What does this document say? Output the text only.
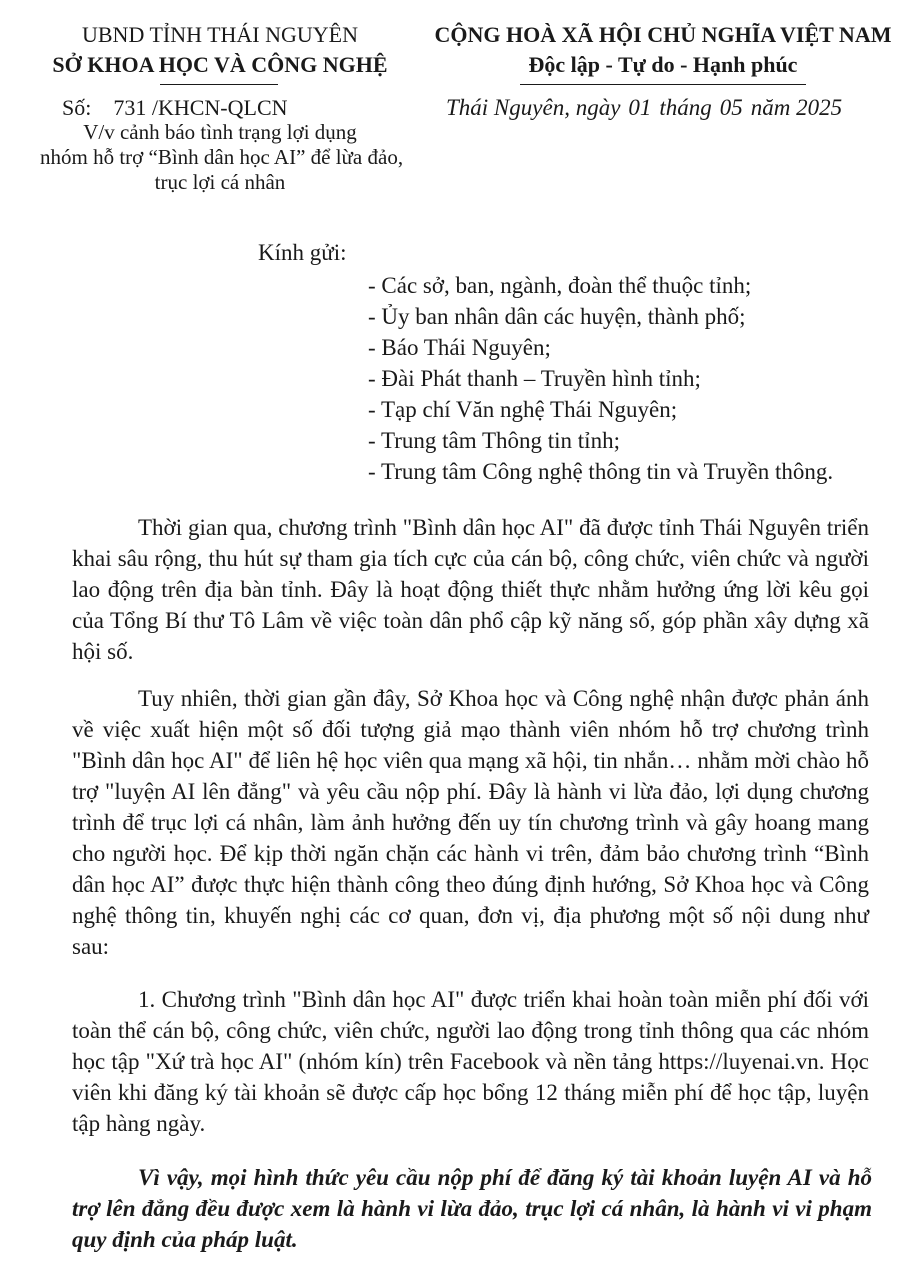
UBND TỈNH THÁI NGUYÊN
SỞ KHOA HỌC VÀ CÔNG NGHỆ
CỘNG HOÀ XÃ HỘI CHỦ NGHĨA VIỆT NAM
Độc lập - Tự do - Hạnh phúc
Số: 731 /KHCN-QLCN	Thái Nguyên, ngày 01 tháng 05 năm 2025
V/v cảnh báo tình trạng lợi dụng
nhóm hỗ trợ “Bình dân học AI” để lừa đảo,
trục lợi cá nhân
Kính gửi:
- Các sở, ban, ngành, đoàn thể thuộc tỉnh;
- Ủy ban nhân dân các huyện, thành phố;
- Báo Thái Nguyên;
- Đài Phát thanh – Truyền hình tỉnh;
- Tạp chí Văn nghệ Thái Nguyên;
- Trung tâm Thông tin tỉnh;
- Trung tâm Công nghệ thông tin và Truyền thông.
Thời gian qua, chương trình "Bình dân học AI" đã được tỉnh Thái Nguyên triển khai sâu rộng, thu hút sự tham gia tích cực của cán bộ, công chức, viên chức và người lao động trên địa bàn tỉnh. Đây là hoạt động thiết thực nhằm hưởng ứng lời kêu gọi của Tổng Bí thư Tô Lâm về việc toàn dân phổ cập kỹ năng số, góp phần xây dựng xã hội số.
Tuy nhiên, thời gian gần đây, Sở Khoa học và Công nghệ nhận được phản ánh về việc xuất hiện một số đối tượng giả mạo thành viên nhóm hỗ trợ chương trình "Bình dân học AI" để liên hệ học viên qua mạng xã hội, tin nhắn… nhằm mời chào hỗ trợ "luyện AI lên đẳng" và yêu cầu nộp phí. Đây là hành vi lừa đảo, lợi dụng chương trình để trục lợi cá nhân, làm ảnh hưởng đến uy tín chương trình và gây hoang mang cho người học. Để kịp thời ngăn chặn các hành vi trên, đảm bảo chương trình “Bình dân học AI” được thực hiện thành công theo đúng định hướng, Sở Khoa học và Công nghệ thông tin, khuyến nghị các cơ quan, đơn vị, địa phương một số nội dung như sau:
1. Chương trình "Bình dân học AI" được triển khai hoàn toàn miễn phí đối với toàn thể cán bộ, công chức, viên chức, người lao động trong tỉnh thông qua các nhóm học tập "Xứ trà học AI" (nhóm kín) trên Facebook và nền tảng https://luyenai.vn. Học viên khi đăng ký tài khoản sẽ được cấp học bổng 12 tháng miễn phí để học tập, luyện tập hàng ngày.
Vì vậy, mọi hình thức yêu cầu nộp phí để đăng ký tài khoản luyện AI và hỗ trợ lên đẳng đều được xem là hành vi lừa đảo, trục lợi cá nhân, là hành vi vi phạm quy định của pháp luật.
